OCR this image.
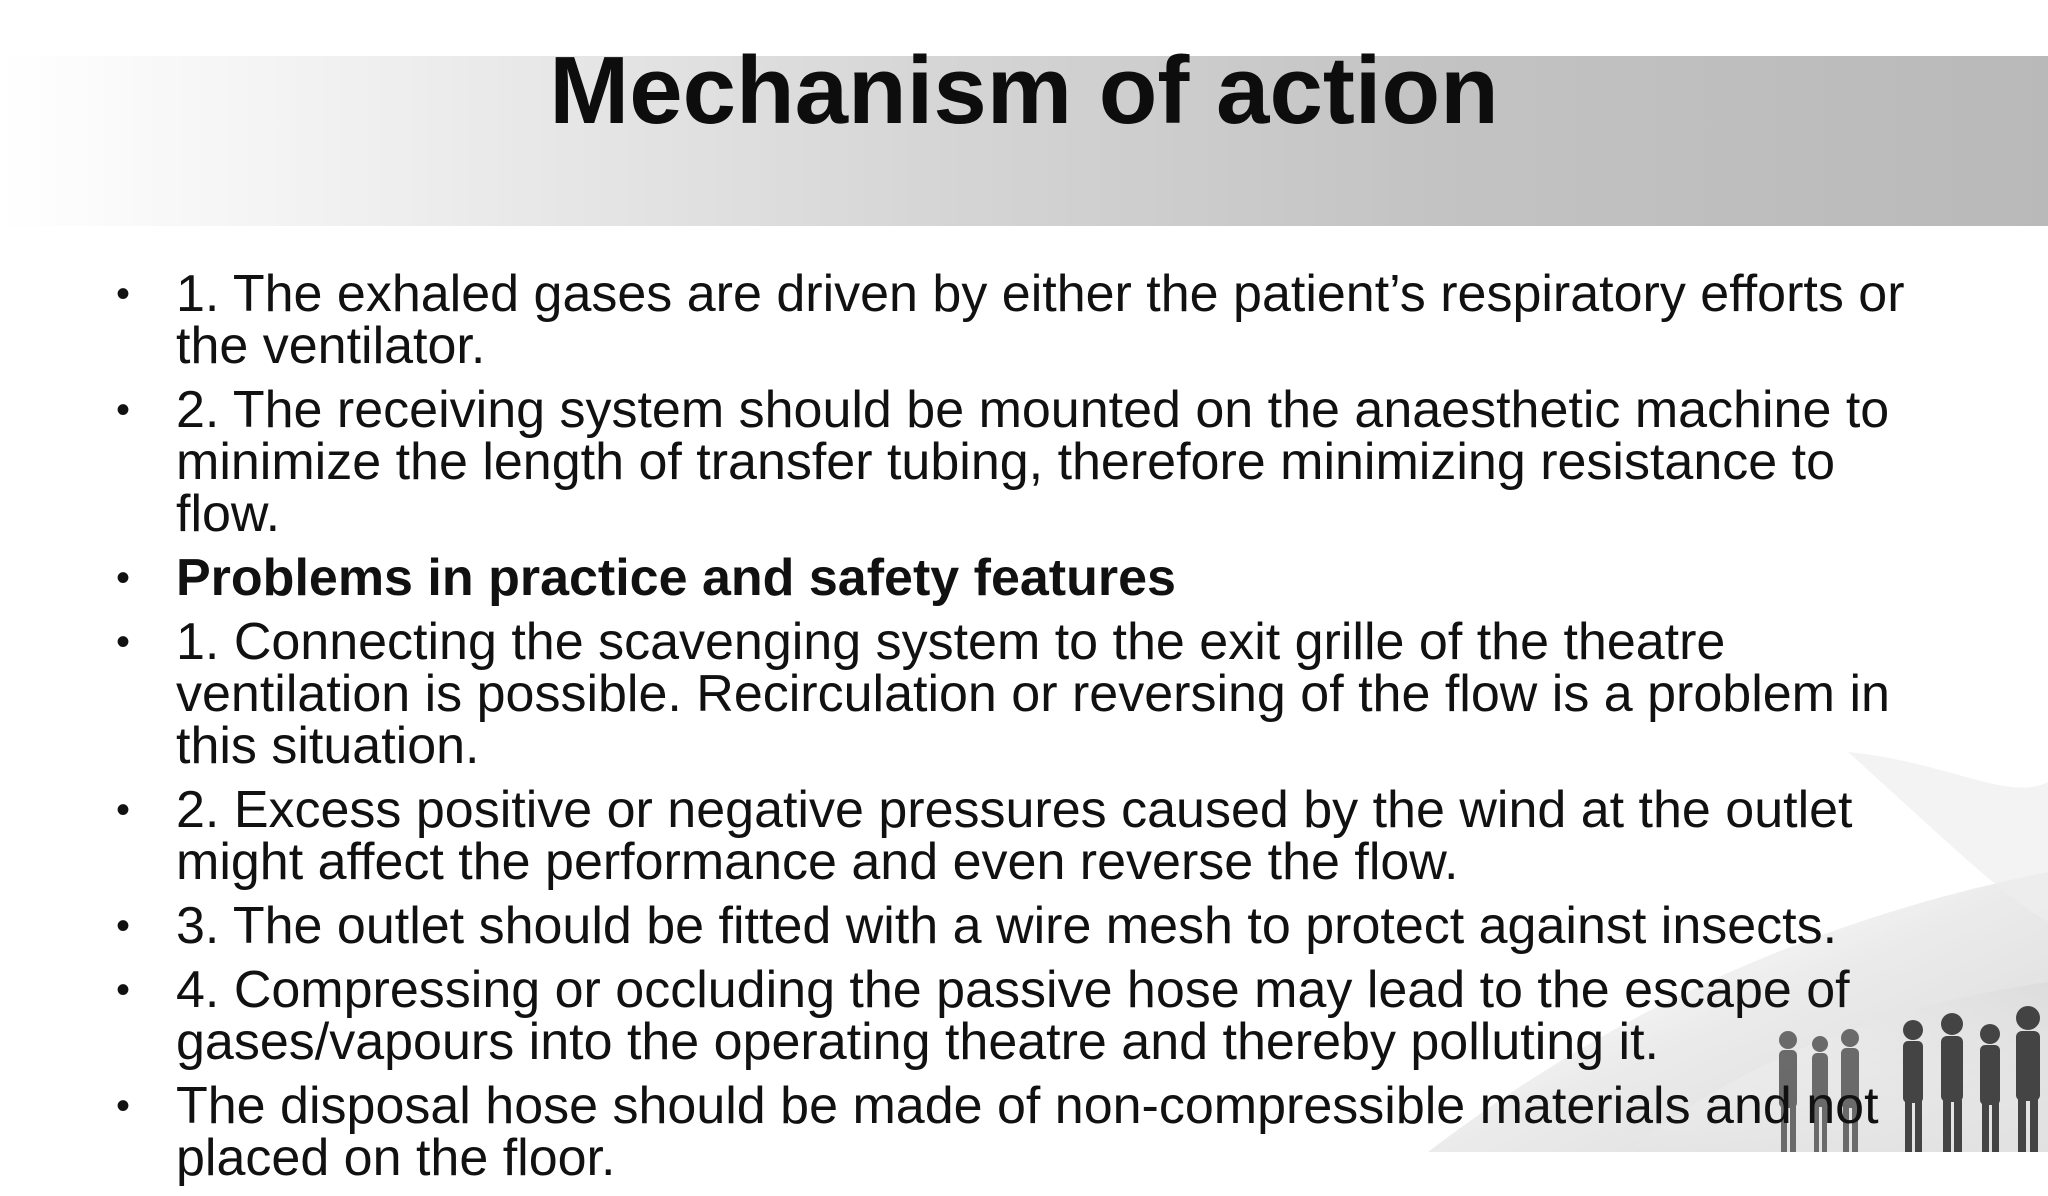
Mechanism of action
• 1. The exhaled gases are driven by either the patient’s respiratory efforts or the ventilator.
• 2. The receiving system should be mounted on the anaesthetic machine to minimize the length of transfer tubing, therefore minimizing resistance to flow.
• Problems in practice and safety features
• 1. Connecting the scavenging system to the exit grille of the theatre ventilation is possible. Recirculation or reversing of the flow is a problem in this situation.
• 2. Excess positive or negative pressures caused by the wind at the outlet might affect the performance and even reverse the flow.
• 3. The outlet should be fitted with a wire mesh to protect against insects.
• 4. Compressing or occluding the passive hose may lead to the escape of gases/vapours into the operating theatre and thereby polluting it.
• The disposal hose should be made of non-compressible materials and not placed on the floor.
